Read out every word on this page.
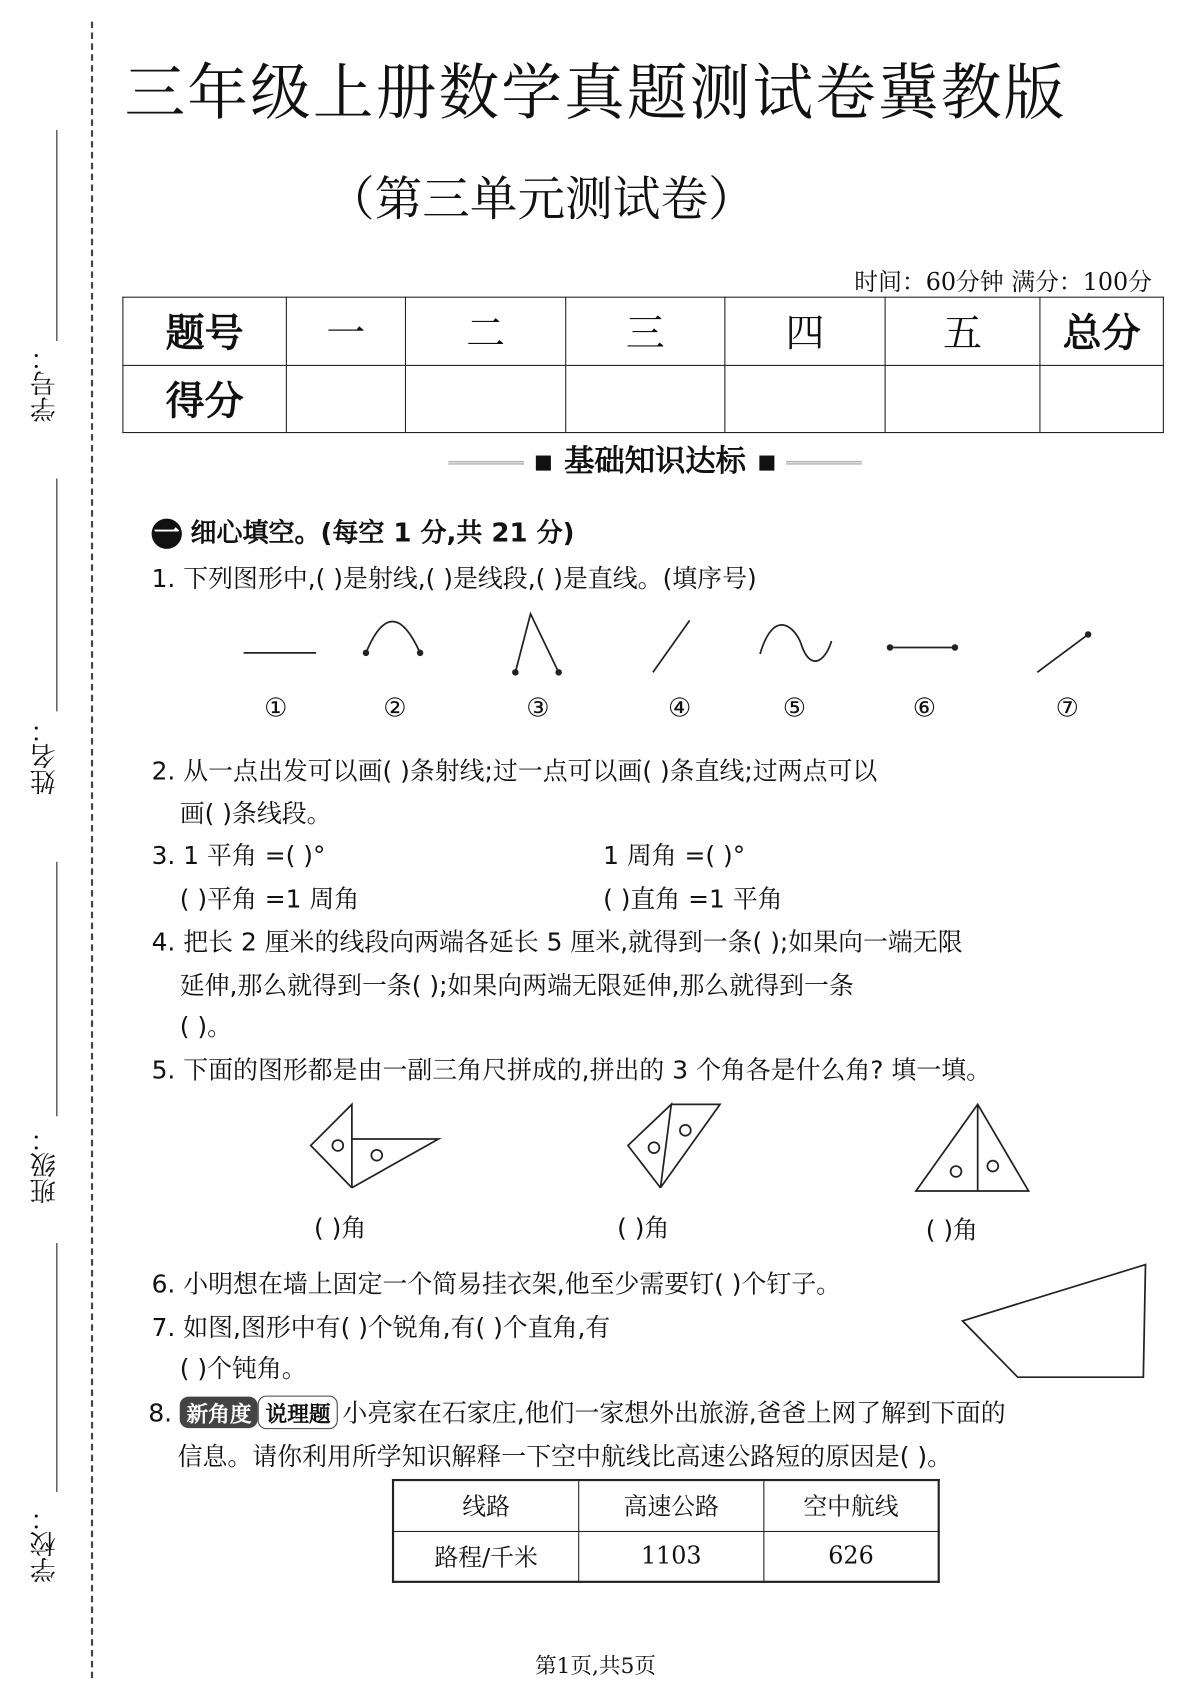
学号：
姓名：
班级：
学校：
三年级上册数学真题测试卷冀教版
（第三单元测试卷）
时间：60分钟 满分：100分
题号	一	二	三	四	五	总分
得分						
▪ 基础知识达标 ▪
一 细心填空。(每空 1 分,共 21 分)
1. 下列图形中,( )是射线,( )是线段,( )是直线。(填序号)
①	②	③	④	⑤	⑥	⑦
2. 从一点出发可以画( )条射线;过一点可以画( )条直线;过两点可以
画( )条线段。
3. 1 平角 =( )°	1 周角 =( )°
( )平角 =1 周角	( )直角 =1 平角
4. 把长 2 厘米的线段向两端各延长 5 厘米,就得到一条( );如果向一端无限
延伸,那么就得到一条( );如果向两端无限延伸,那么就得到一条
( )。
5. 下面的图形都是由一副三角尺拼成的,拼出的 3 个角各是什么角? 填一填。
( )角	( )角	( )角
6. 小明想在墙上固定一个简易挂衣架,他至少需要钉( )个钉子。
7. 如图,图形中有( )个锐角,有( )个直角,有
( )个钝角。
8. 新角度 说理题 小亮家在石家庄,他们一家想外出旅游,爸爸上网了解到下面的
信息。请你利用所学知识解释一下空中航线比高速公路短的原因是( )。
线路	高速公路	空中航线
路程/千米	1103	626
第1页,共5页
